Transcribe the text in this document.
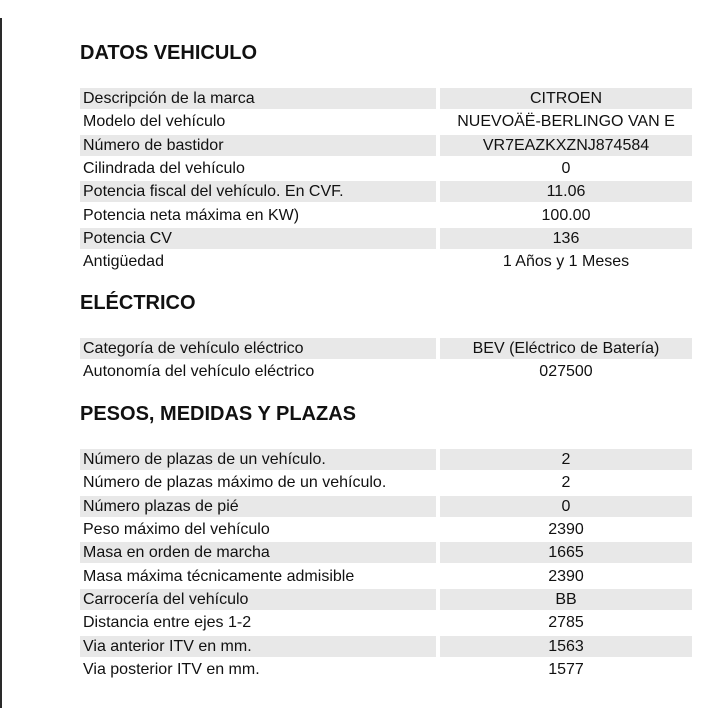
DATOS VEHICULO
Descripción de la marca	CITROEN
Modelo del vehículo	NUEVOÄË-BERLINGO VAN E
Número de bastidor	VR7EAZKXZNJ874584
Cilindrada del vehículo	0
Potencia fiscal del vehículo. En CVF.	11.06
Potencia neta máxima en KW)	100.00
Potencia CV	136
Antigüedad	1 Años y 1 Meses
ELÉCTRICO
Categoría de vehículo eléctrico	BEV (Eléctrico de Batería)
Autonomía del vehículo eléctrico	027500
PESOS, MEDIDAS Y PLAZAS
Número de plazas de un vehículo.	2
Número de plazas máximo de un vehículo.	2
Número plazas de pié	0
Peso máximo del vehículo	2390
Masa en orden de marcha	1665
Masa máxima técnicamente admisible	2390
Carrocería del vehículo	BB
Distancia entre ejes 1-2	2785
Via anterior ITV en mm.	1563
Via posterior ITV en mm.	1577
